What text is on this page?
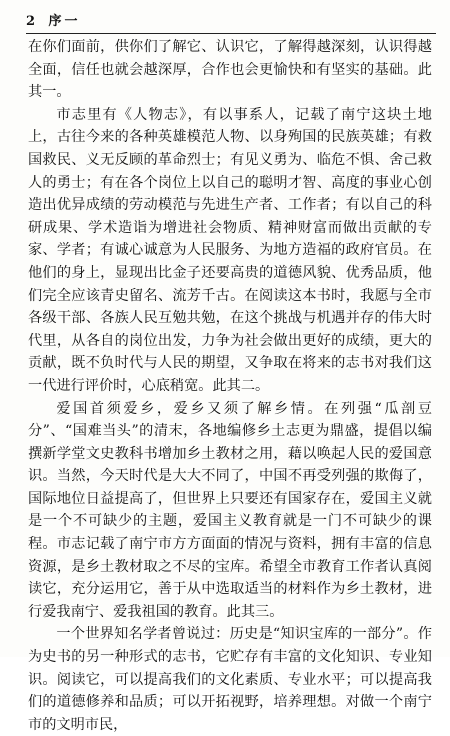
2 序一

在你们面前，供你们了解它、认识它，了解得越深刻，认识得越全面，信任也就会越深厚，合作也会更愉快和有坚实的基础。此其一。

市志里有《人物志》，有以事系人，记载了南宁这块土地上，古往今来的各种英雄模范人物、以身殉国的民族英雄；有救国救民、义无反顾的革命烈士；有见义勇为、临危不惧、舍己救人的勇士；有在各个岗位上以自己的聪明才智、高度的事业心创造出优异成绩的劳动模范与先进生产者、工作者；有以自己的科研成果、学术造诣为增进社会物质、精神财富而做出贡献的专家、学者；有诚心诚意为人民服务、为地方造福的政府官员。在他们的身上，显现出比金子还要高贵的道德风貌、优秀品质，他们完全应该青史留名、流芳千古。在阅读这本书时，我愿与全市各级干部、各族人民互勉共勉，在这个挑战与机遇并存的伟大时代里，从各自的岗位出发，力争为社会做出更好的成绩，更大的贡献，既不负时代与人民的期望，又争取在将来的志书对我们这一代进行评价时，心底稍宽。此其二。

爱国首须爱乡，爱乡又须了解乡情。在列强“瓜剖豆分”、“国难当头”的清末，各地编修乡土志更为鼎盛，提倡以编撰新学堂文史教科书增加乡土教材之用，藉以唤起人民的爱国意识。当然，今天时代是大大不同了，中国不再受列强的欺侮了，国际地位日益提高了，但世界上只要还有国家存在，爱国主义就是一个不可缺少的主题，爱国主义教育就是一门不可缺少的课程。市志记载了南宁市方方面面的情况与资料，拥有丰富的信息资源，是乡土教材取之不尽的宝库。希望全市教育工作者认真阅读它，充分运用它，善于从中选取适当的材料作为乡土教材，进行爱我南宁、爱我祖国的教育。此其三。

一个世界知名学者曾说过：历史是“知识宝库的一部分”。作为史书的另一种形式的志书，它贮存有丰富的文化知识、专业知识。阅读它，可以提高我们的文化素质、专业水平；可以提高我们的道德修养和品质；可以开拓视野，培养理想。对做一个南宁市的文明市民，
